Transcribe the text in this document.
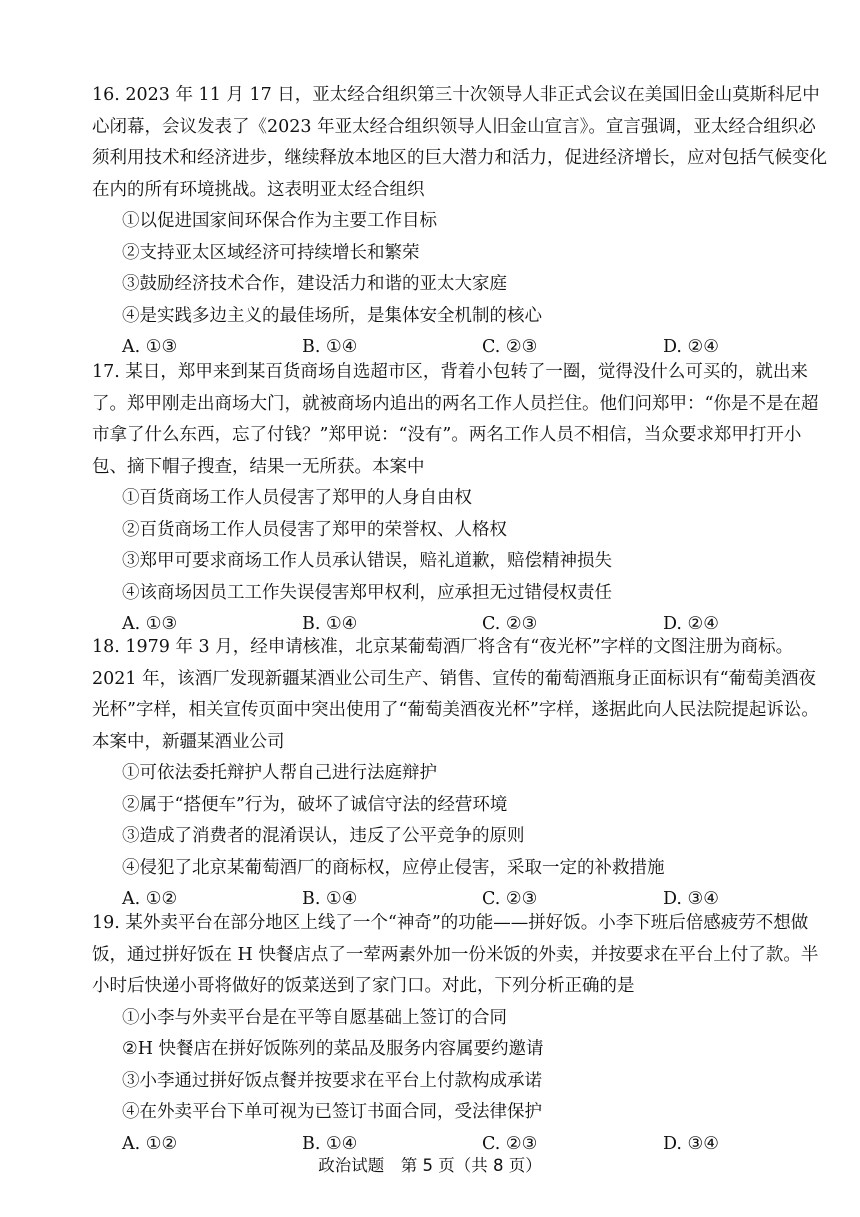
16. 2023 年 11 月 17 日，亚太经合组织第三十次领导人非正式会议在美国旧金山莫斯科尼中心闭幕，会议发表了《2023 年亚太经合组织领导人旧金山宣言》。宣言强调，亚太经合组织必须利用技术和经济进步，继续释放本地区的巨大潜力和活力，促进经济增长，应对包括气候变化在内的所有环境挑战。这表明亚太经合组织
①以促进国家间环保合作为主要工作目标
②支持亚太区域经济可持续增长和繁荣
③鼓励经济技术合作，建设活力和谐的亚太大家庭
④是实践多边主义的最佳场所，是集体安全机制的核心
A. ①③	B. ①④	C. ②③	D. ②④
17. 某日，郑甲来到某百货商场自选超市区，背着小包转了一圈，觉得没什么可买的，就出来了。郑甲刚走出商场大门，就被商场内追出的两名工作人员拦住。他们问郑甲：“你是不是在超市拿了什么东西，忘了付钱？”郑甲说：“没有”。两名工作人员不相信，当众要求郑甲打开小包、摘下帽子搜查，结果一无所获。本案中
①百货商场工作人员侵害了郑甲的人身自由权
②百货商场工作人员侵害了郑甲的荣誉权、人格权
③郑甲可要求商场工作人员承认错误，赔礼道歉，赔偿精神损失
④该商场因员工工作失误侵害郑甲权利，应承担无过错侵权责任
A. ①③	B. ①④	C. ②③	D. ②④
18. 1979 年 3 月，经申请核准，北京某葡萄酒厂将含有“夜光杯”字样的文图注册为商标。2021 年，该酒厂发现新疆某酒业公司生产、销售、宣传的葡萄酒瓶身正面标识有“葡萄美酒夜光杯”字样，相关宣传页面中突出使用了“葡萄美酒夜光杯”字样，遂据此向人民法院提起诉讼。本案中，新疆某酒业公司
①可依法委托辩护人帮自己进行法庭辩护
②属于“搭便车”行为，破坏了诚信守法的经营环境
③造成了消费者的混淆误认，违反了公平竞争的原则
④侵犯了北京某葡萄酒厂的商标权，应停止侵害，采取一定的补救措施
A. ①②	B. ①④	C. ②③	D. ③④
19. 某外卖平台在部分地区上线了一个“神奇”的功能——拼好饭。小李下班后倍感疲劳不想做饭，通过拼好饭在 H 快餐店点了一荤两素外加一份米饭的外卖，并按要求在平台上付了款。半小时后快递小哥将做好的饭菜送到了家门口。对此，下列分析正确的是
①小李与外卖平台是在平等自愿基础上签订的合同
②H 快餐店在拼好饭陈列的菜品及服务内容属要约邀请
③小李通过拼好饭点餐并按要求在平台上付款构成承诺
④在外卖平台下单可视为已签订书面合同，受法律保护
A. ①②	B. ①④	C. ②③	D. ③④
政治试题　第 5 页（共 8 页）
